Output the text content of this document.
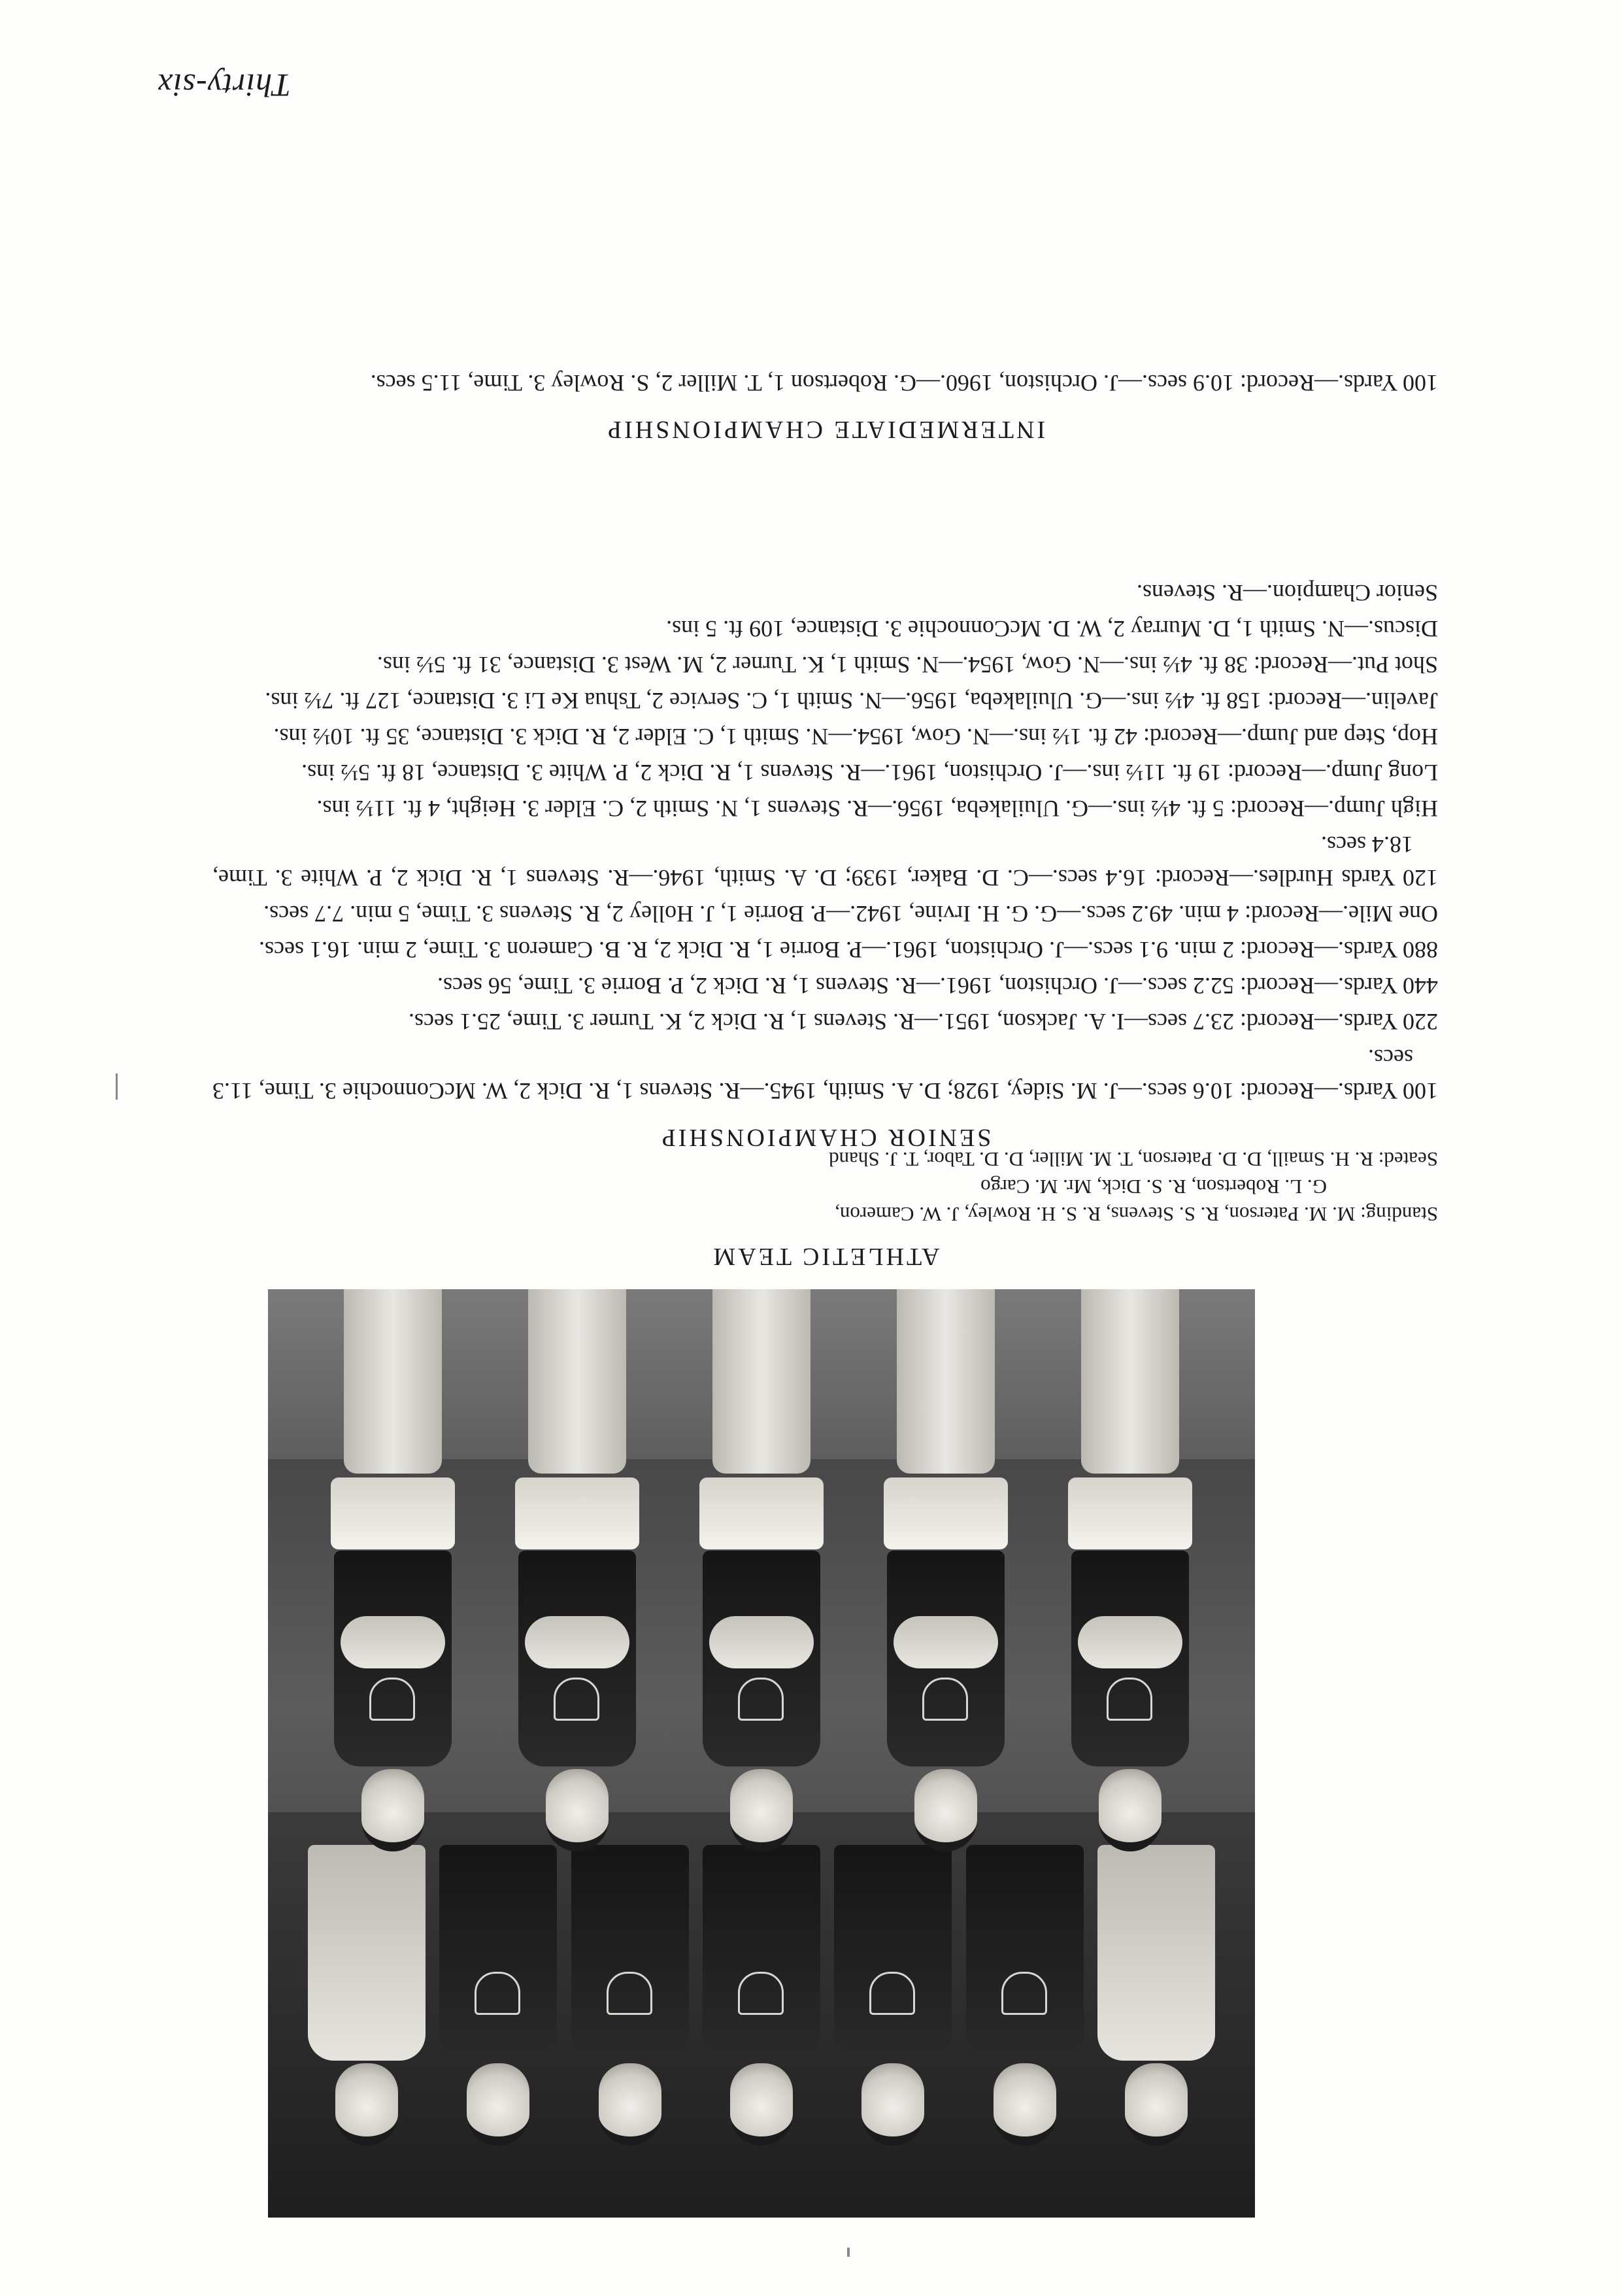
ATHLETIC TEAM

Standing: M. M. Paterson, R. S. Stevens, R. S. H. Rowley, J. W. Cameron,
G. L. Robertson, R. S. Dick, Mr. M. Cargo

Seated: R. H. Smaill, D. D. Paterson, T. M. Miller, D. D. Tabor, T. J. Shand

SENIOR CHAMPIONSHIP

100 Yards.—Record: 10.6 secs.—J. M. Sidey, 1928; D. A. Smith, 1945.—R. Stevens 1, R. Dick 2, W. McConnochie 3. Time, 11.3 secs.

220 Yards.—Record: 23.7 secs—I. A. Jackson, 1951.—R. Stevens 1, R. Dick 2, K. Turner 3. Time, 25.1 secs.

440 Yards.—Record: 52.2 secs.—J. Orchiston, 1961.—R. Stevens 1, R. Dick 2, P. Borrie 3. Time, 56 secs.

880 Yards.—Record: 2 min. 9.1 secs.—J. Orchiston, 1961.—P. Borrie 1, R. Dick 2, R. B. Cameron 3. Time, 2 min. 16.1 secs.

One Mile.—Record: 4 min. 49.2 secs.—G. G. H. Irvine, 1942.—P. Borrie 1, J. Holley 2, R. Stevens 3. Time, 5 min. 7.7 secs.

120 Yards Hurdles.—Record: 16.4 secs.—C. D. Baker, 1939; D. A. Smith, 1946.—R. Stevens 1, R. Dick 2, P. White 3. Time, 18.4 secs.

High Jump.—Record: 5 ft. 4½ ins.—G. Uluilakeba, 1956.—R. Stevens 1, N. Smith 2, C. Elder 3. Height, 4 ft. 11½ ins.

Long Jump.—Record: 19 ft. 11½ ins.—J. Orchiston, 1961.—R. Stevens 1, R. Dick 2, P. White 3. Distance, 18 ft. 5½ ins.

Hop, Step and Jump.—Record: 42 ft. 1½ ins.—N. Gow, 1954.—N. Smith 1, C. Elder 2, R. Dick 3. Distance, 35 ft. 10½ ins.

Javelin.—Record: 158 ft. 4½ ins.—G. Uluilakeba, 1956.—N. Smith 1, C. Service 2, Tshua Ke Li 3. Distance, 127 ft. 7½ ins.

Shot Put.—Record: 38 ft. 4½ ins.—N. Gow, 1954.—N. Smith 1, K. Turner 2, M. West 3. Distance, 31 ft. 5½ ins.

Discus.—N. Smith 1, D. Murray 2, W. D. McConnochie 3. Distance, 109 ft. 5 ins.

Senior Champion.—R. Stevens.

INTERMEDIATE CHAMPIONSHIP

100 Yards.—Record: 10.9 secs.—J. Orchiston, 1960.—G. Robertson 1, T. Miller 2, S. Rowley 3. Time, 11.5 secs.

Thirty-six
